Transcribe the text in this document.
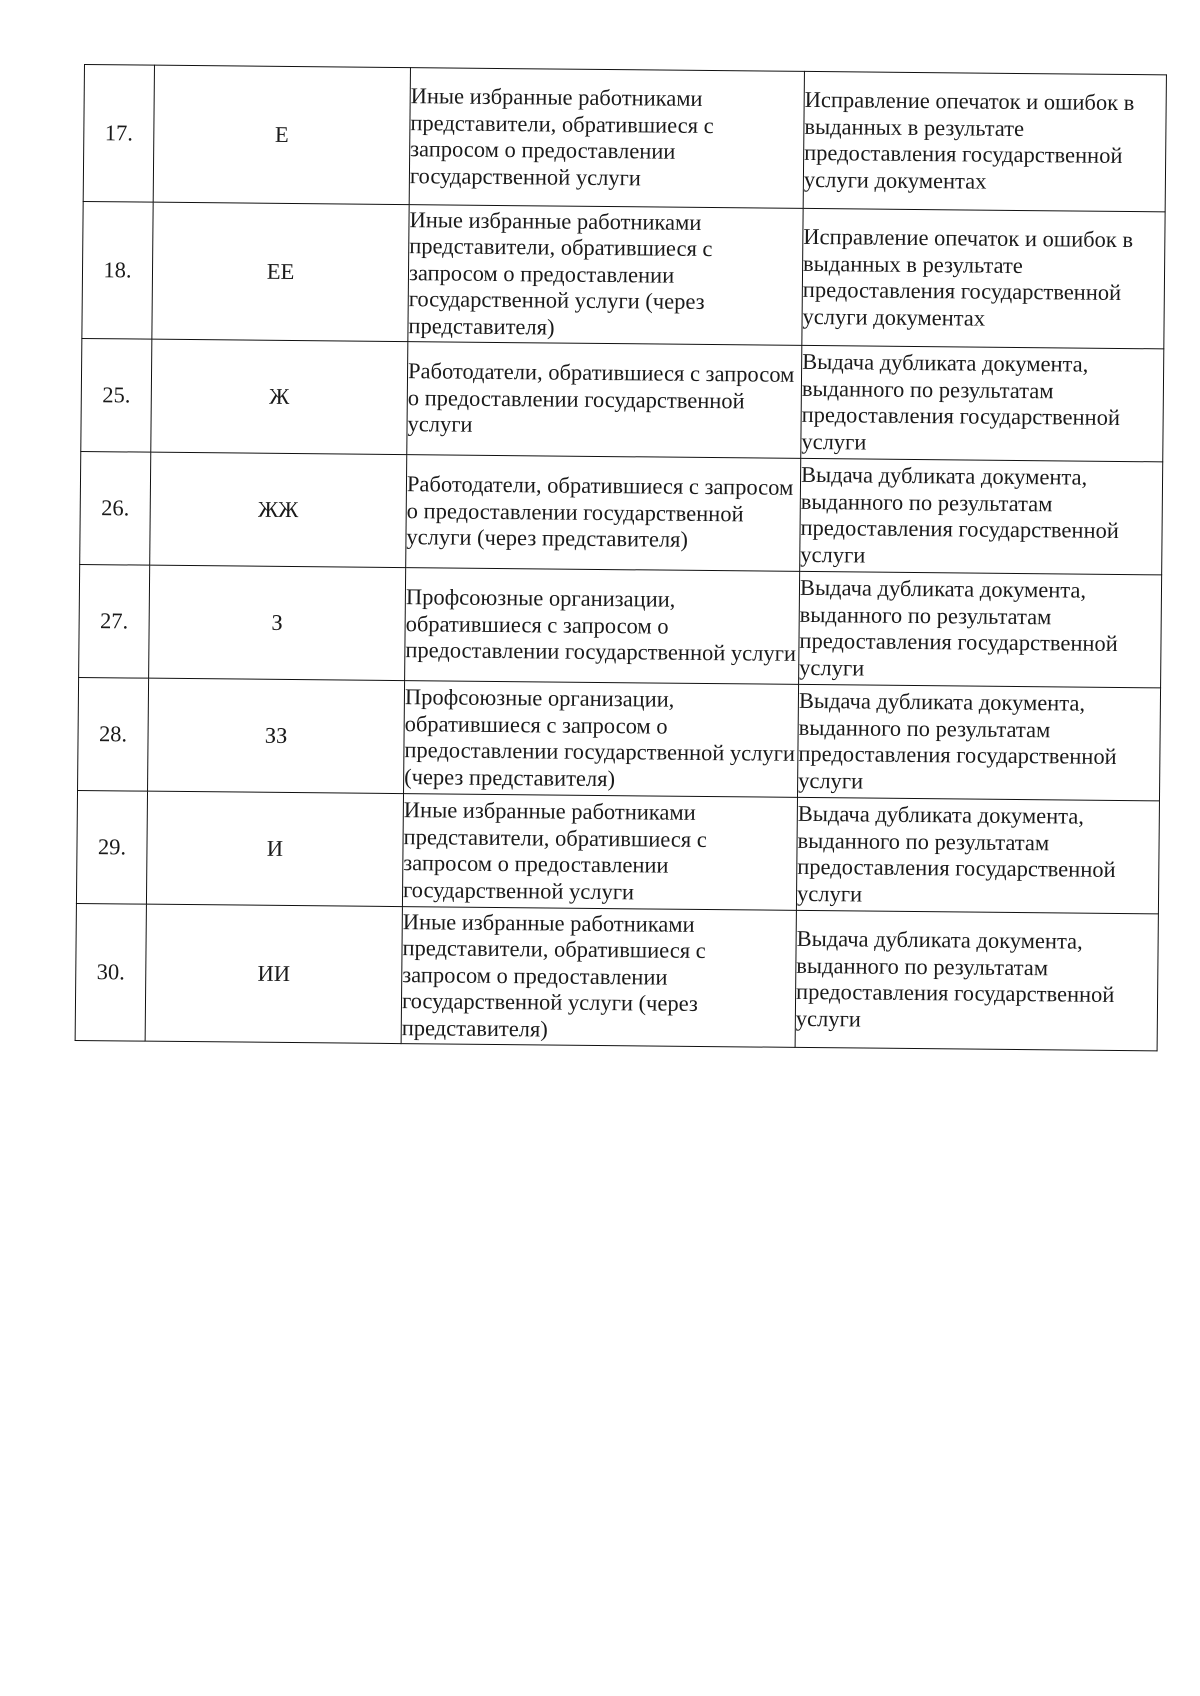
17.	Е	Иные избранные работниками представители, обратившиеся с запросом о предоставлении государственной услуги	Исправление опечаток и ошибок в выданных в результате предоставления государственной услуги документах

18.	ЕЕ	Иные избранные работниками представители, обратившиеся с запросом о предоставлении государственной услуги (через представителя)	Исправление опечаток и ошибок в выданных в результате предоставления государственной услуги документах

25.	Ж	Работодатели, обратившиеся с запросом о предоставлении государственной услуги	Выдача дубликата документа, выданного по результатам предоставления государственной услуги

26.	ЖЖ	Работодатели, обратившиеся с запросом о предоставлении государственной услуги (через представителя)	Выдача дубликата документа, выданного по результатам предоставления государственной услуги

27.	З	Профсоюзные организации, обратившиеся с запросом о предоставлении государственной услуги	Выдача дубликата документа, выданного по результатам предоставления государственной услуги

28.	ЗЗ	Профсоюзные организации, обратившиеся с запросом о предоставлении государственной услуги (через представителя)	Выдача дубликата документа, выданного по результатам предоставления государственной услуги

29.	И	Иные избранные работниками представители, обратившиеся с запросом о предоставлении государственной услуги	Выдача дубликата документа, выданного по результатам предоставления государственной услуги

30.	ИИ	Иные избранные работниками представители, обратившиеся с запросом о предоставлении государственной услуги (через представителя)	Выдача дубликата документа, выданного по результатам предоставления государственной услуги
